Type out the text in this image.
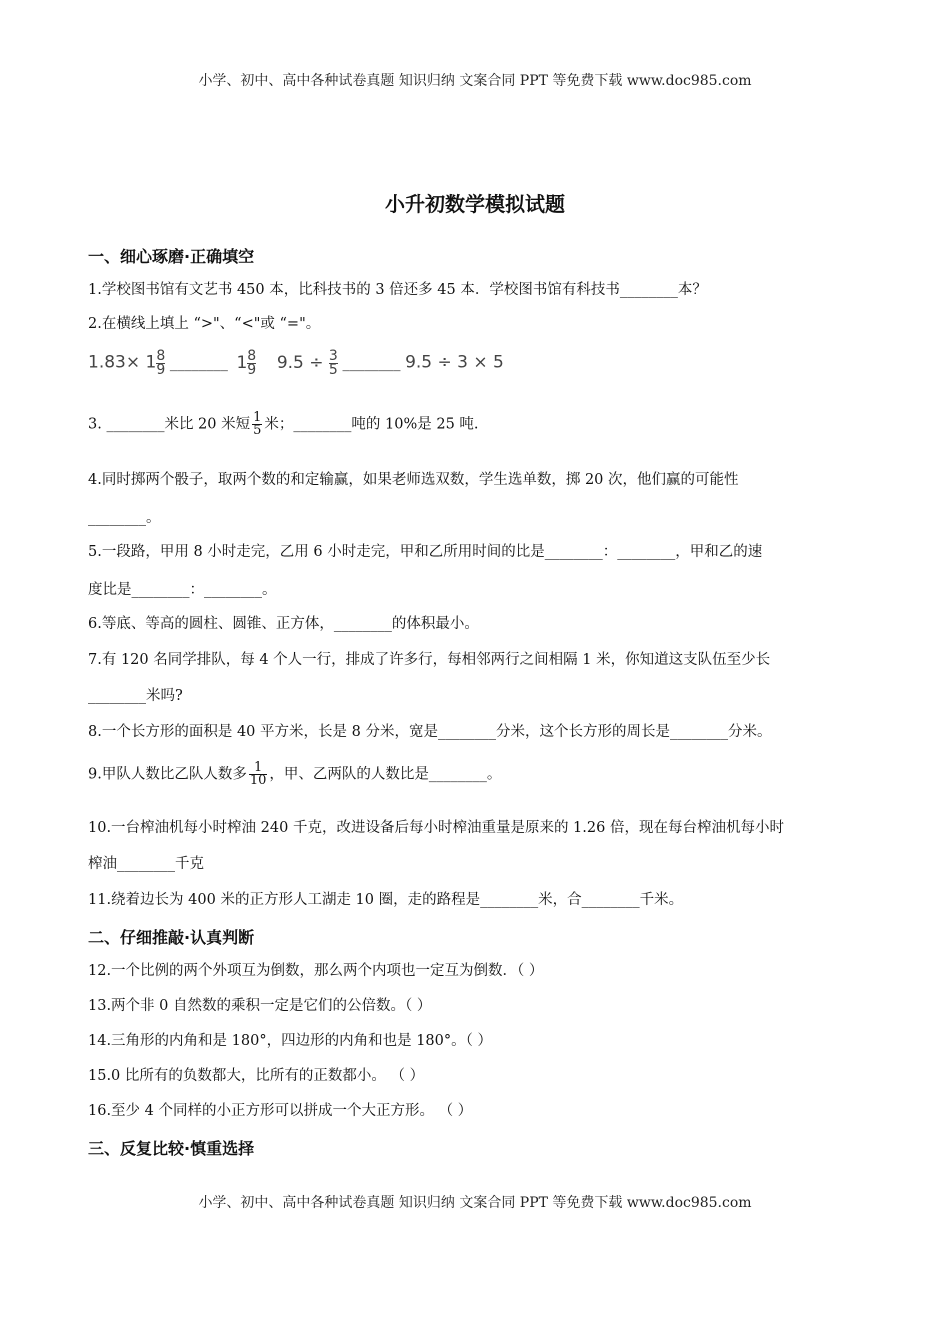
小学、初中、高中各种试卷真题 知识归纳 文案合同 PPT 等免费下载 www.doc985.com
小升初数学模拟试题
一、细心琢磨·正确填空
1.学校图书馆有文艺书 450 本，比科技书的 3 倍还多 45 本．学校图书馆有科技书________本？
2.在横线上填上 “>"、“<"或 “="。
$1.83\times 1 \frac{8}{9}$ ________ $1 \frac{8}{9} 9.5 \div \frac{3}{5}$ ________ 9.5 ÷ 3 × 5
3. ________米比 20 米短 $\frac{1}{5}$ 米；________吨的 10%是 25 吨.
4.同时掷两个骰子，取两个数的和定输赢，如果老师选双数，学生选单数，掷 20 次，他们赢的可能性
________。
5.一段路，甲用 8 小时走完，乙用 6 小时走完，甲和乙所用时间的比是________：________，甲和乙的速
度比是________：________。
6.等底、等高的圆柱、圆锥、正方体，________的体积最小。
7.有 120 名同学排队，每 4 个人一行，排成了许多行，每相邻两行之间相隔 1 米，你知道这支队伍至少长
________米吗?
8.一个长方形的面积是 40 平方米，长是 8 分米，宽是________分米，这个长方形的周长是________分米。
9.甲队人数比乙队人数多 $\frac{1}{10}$ ，甲、乙两队的人数比是________。
10.一台榨油机每小时榨油 240 千克，改进设备后每小时榨油重量是原来的 1.26 倍，现在每台榨油机每小时
榨油________千克
11.绕着边长为 400 米的正方形人工湖走 10 圈，走的路程是________米，合________千米。
二、仔细推敲·认真判断
12.一个比例的两个外项互为倒数，那么两个内项也一定互为倒数．（ ）
13.两个非 0 自然数的乘积一定是它们的公倍数。（ ）
14.三角形的内角和是 180°，四边形的内角和也是 180°。（ ）
15.0 比所有的负数都大，比所有的正数都小。 （ ）
16.至少 4 个同样的小正方形可以拼成一个大正方形。 （ ）
三、反复比较·慎重选择
小学、初中、高中各种试卷真题 知识归纳 文案合同 PPT 等免费下载 www.doc985.com
